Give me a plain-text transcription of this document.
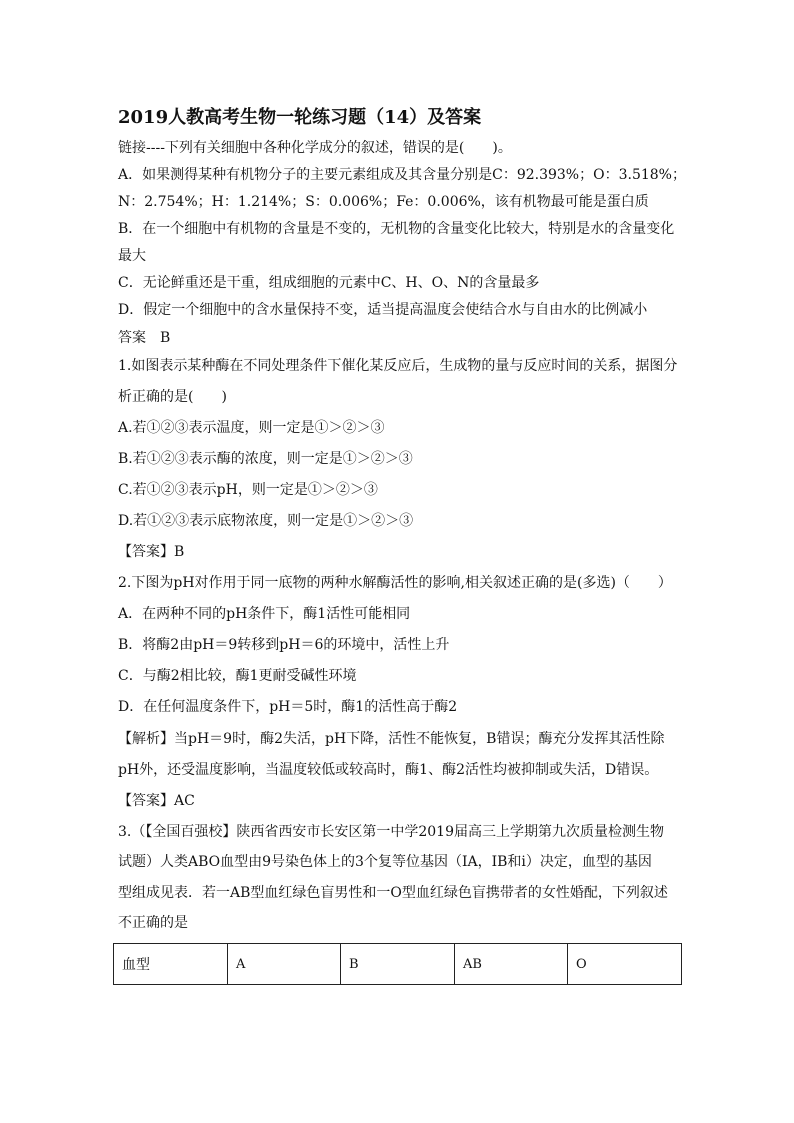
2019人教高考生物一轮练习题（14）及答案
链接----下列有关细胞中各种化学成分的叙述，错误的是(　　)。
A．如果测得某种有机物分子的主要元素组成及其含量分别是C：92.393%；O：3.518%；
N：2.754%；H：1.214%；S：0.006%；Fe：0.006%，该有机物最可能是蛋白质
B．在一个细胞中有机物的含量是不变的，无机物的含量变化比较大，特别是水的含量变化
最大
C．无论鲜重还是干重，组成细胞的元素中C、H、O、N的含量最多
D．假定一个细胞中的含水量保持不变，适当提高温度会使结合水与自由水的比例减小
答案　B
1.如图表示某种酶在不同处理条件下催化某反应后，生成物的量与反应时间的关系，据图分
析正确的是(　　)
A.若①②③表示温度，则一定是①＞②＞③
B.若①②③表示酶的浓度，则一定是①＞②＞③
C.若①②③表示pH，则一定是①＞②＞③
D.若①②③表示底物浓度，则一定是①＞②＞③
【答案】B
2.下图为pH对作用于同一底物的两种水解酶活性的影响,相关叙述正确的是(多选)（　　）
A．在两种不同的pH条件下，酶1活性可能相同
B．将酶2由pH＝9转移到pH＝6的环境中，活性上升
C．与酶2相比较，酶1更耐受碱性环境
D．在任何温度条件下，pH＝5时，酶1的活性高于酶2
【解析】当pH＝9时，酶2失活，pH下降，活性不能恢复，B错误；酶充分发挥其活性除
pH外，还受温度影响，当温度较低或较高时，酶1、酶2活性均被抑制或失活，D错误。
【答案】AC
3.（【全国百强校】陕西省西安市长安区第一中学2019届高三上学期第九次质量检测生物
试题）人类ABO血型由9号染色体上的3个复等位基因（IA，IB和i）决定，血型的基因
型组成见表．若一AB型血红绿色盲男性和一O型血红绿色盲携带者的女性婚配，下列叙述
不正确的是
血型	A	B	AB	O
